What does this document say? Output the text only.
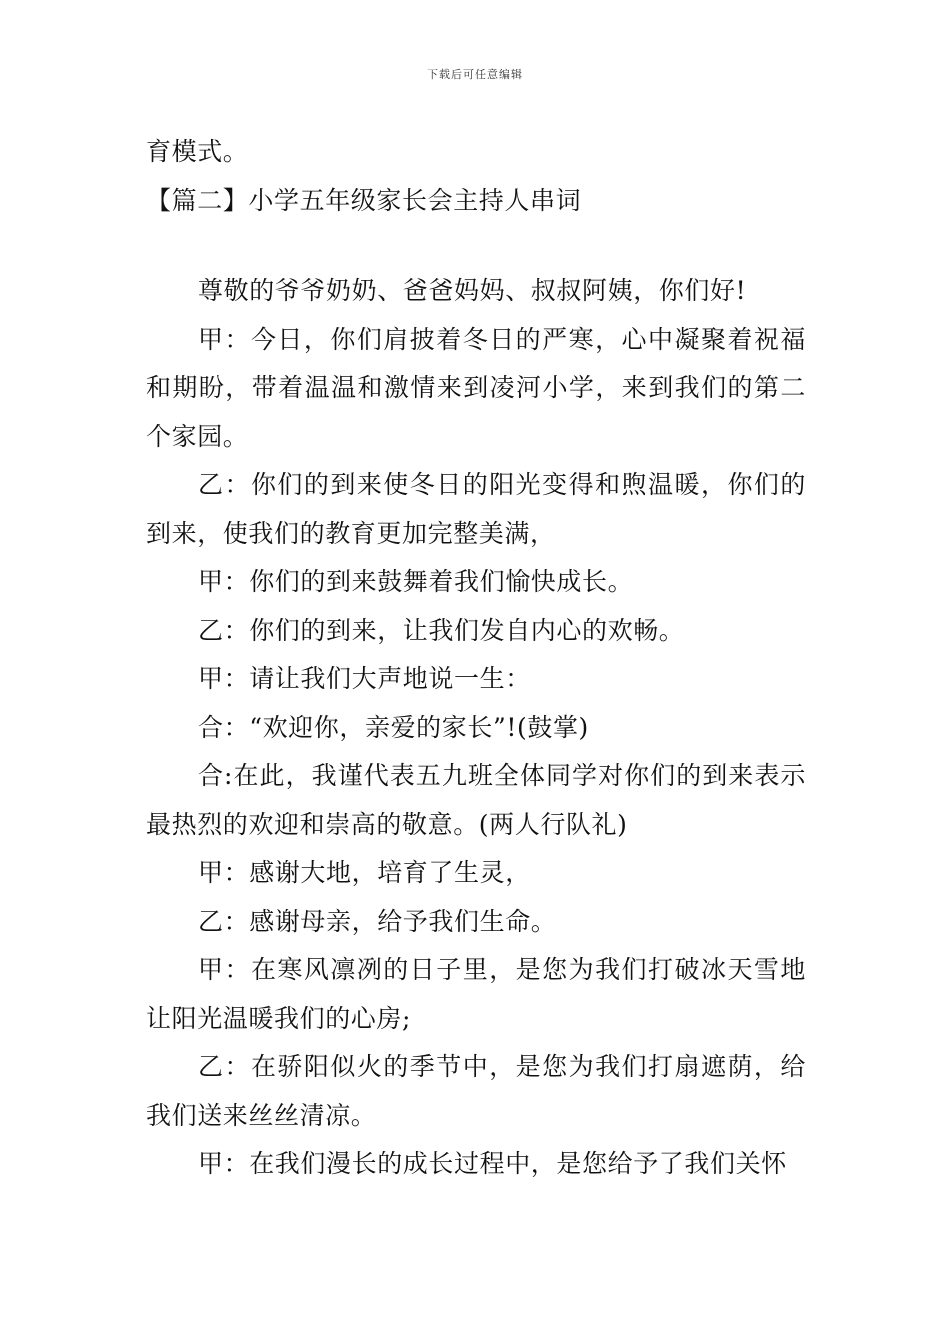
下载后可任意编辑

育模式。

【篇二】小学五年级家长会主持人串词

尊敬的爷爷奶奶、爸爸妈妈、叔叔阿姨，你们好!

甲：今日，你们肩披着冬日的严寒，心中凝聚着祝福和期盼，带着温温和激情来到凌河小学，来到我们的第二个家园。

乙：你们的到来使冬日的阳光变得和煦温暖，你们的到来，使我们的教育更加完整美满，

甲：你们的到来鼓舞着我们愉快成长。

乙：你们的到来，让我们发自内心的欢畅。

甲：请让我们大声地说一生：

合：“欢迎你，亲爱的家长”!(鼓掌)

合:在此，我谨代表五九班全体同学对你们的到来表示最热烈的欢迎和崇高的敬意。(两人行队礼)

甲：感谢大地，培育了生灵，

乙：感谢母亲，给予我们生命。

甲：在寒风凛冽的日子里，是您为我们打破冰天雪地让阳光温暖我们的心房;

乙：在骄阳似火的季节中，是您为我们打扇遮荫，给我们送来丝丝清凉。

甲：在我们漫长的成长过程中，是您给予了我们关怀
